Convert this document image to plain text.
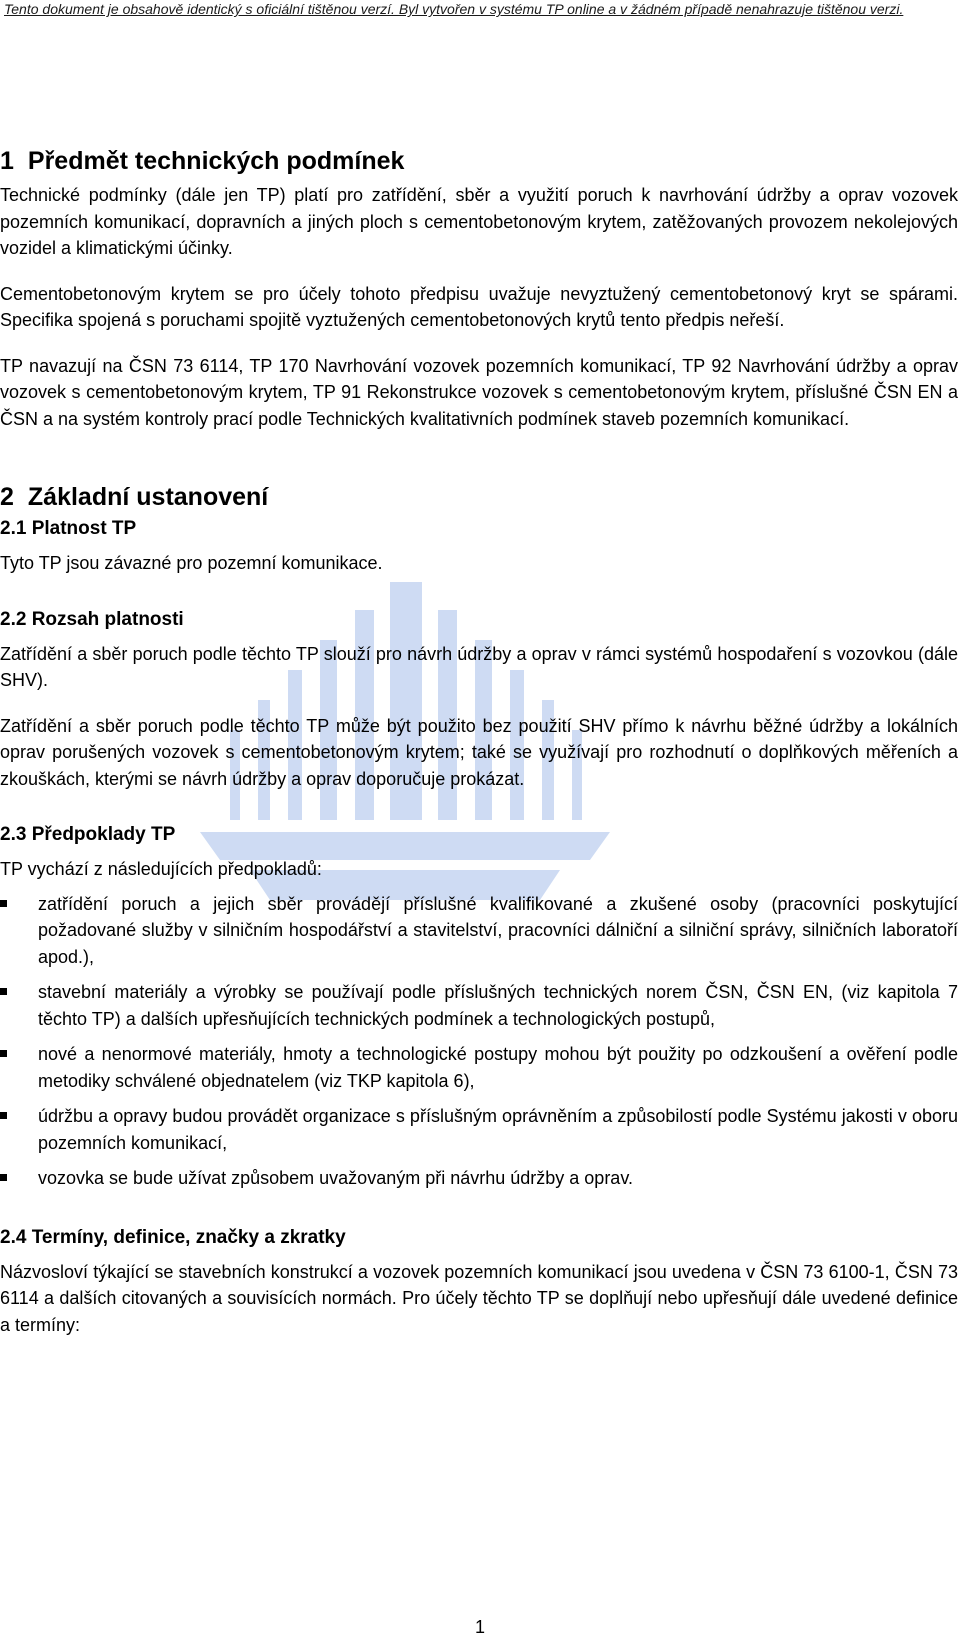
Tento dokument je obsahově identický s oficiální tištěnou verzí. Byl vytvořen v systému TP online a v žádném případě nenahrazuje tištěnou verzi.

1 Předmět technických podmínek

Technické podmínky (dále jen TP) platí pro zatřídění, sběr a využití poruch k navrhování údržby a oprav vozovek pozemních komunikací, dopravních a jiných ploch s cementobetonovým krytem, zatěžovaných provozem nekolejových vozidel a klimatickými účinky.

Cementobetonovým krytem se pro účely tohoto předpisu uvažuje nevyztužený cementobetonový kryt se spárami. Specifika spojená s poruchami spojitě vyztužených cementobetonových krytů tento předpis neřeší.

TP navazují na ČSN 73 6114, TP 170 Navrhování vozovek pozemních komunikací, TP 92 Navrhování údržby a oprav vozovek s cementobetonovým krytem, TP 91 Rekonstrukce vozovek s cementobetonovým krytem, příslušné ČSN EN a ČSN a na systém kontroly prací podle Technických kvalitativních podmínek staveb pozemních komunikací.

2 Základní ustanovení
2.1 Platnost TP

Tyto TP jsou závazné pro pozemní komunikace.

2.2 Rozsah platnosti

Zatřídění a sběr poruch podle těchto TP slouží pro návrh údržby a oprav v rámci systémů hospodaření s vozovkou (dále SHV).

Zatřídění a sběr poruch podle těchto TP může být použito bez použití SHV přímo k návrhu běžné údržby a lokálních oprav porušených vozovek s cementobetonovým krytem; také se využívají pro rozhodnutí o doplňkových měřeních a zkouškách, kterými se návrh údržby a oprav doporučuje prokázat.

2.3 Předpoklady TP

TP vychází z následujících předpokladů:

zatřídění poruch a jejich sběr provádějí příslušné kvalifikované a zkušené osoby (pracovníci poskytující požadované služby v silničním hospodářství a stavitelství, pracovníci dálniční a silniční správy, silničních laboratoří apod.),
stavební materiály a výrobky se používají podle příslušných technických norem ČSN, ČSN EN, (viz kapitola 7 těchto TP) a dalších upřesňujících technických podmínek a technologických postupů,
nové a nenormové materiály, hmoty a technologické postupy mohou být použity po odzkoušení a ověření podle metodiky schválené objednatelem (viz TKP kapitola 6),
údržbu a opravy budou provádět organizace s příslušným oprávněním a způsobilostí podle Systému jakosti v oboru pozemních komunikací,
vozovka se bude užívat způsobem uvažovaným při návrhu údržby a oprav.
2.4 Termíny, definice, značky a zkratky

Názvosloví týkající se stavebních konstrukcí a vozovek pozemních komunikací jsou uvedena v ČSN 73 6100-1, ČSN 73 6114 a dalších citovaných a souvisících normách. Pro účely těchto TP se doplňují nebo upřesňují dále uvedené definice a termíny:

1
